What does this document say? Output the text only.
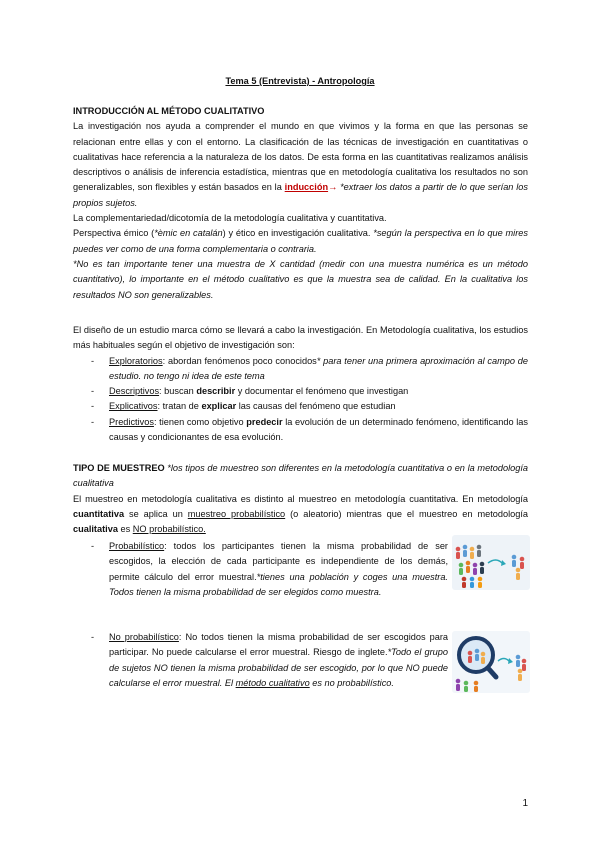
Tema 5 (Entrevista) - Antropología
INTRODUCCIÓN AL MÉTODO CUALITATIVO
La investigación nos ayuda a comprender el mundo en que vivimos y la forma en que las personas se relacionan entre ellas y con el entorno. La clasificación de las técnicas de investigación en cuantitativas o cualitativas hace referencia a la naturaleza de los datos. De esta forma en las cuantitativas realizamos análisis descriptivos o análisis de inferencia estadística, mientras que en metodología cualitativa los resultados no son generalizables, son flexibles y están basados en la inducción→ *extraer los datos a partir de lo que serían los propios sujetos.
La complementariedad/dicotomía de la metodología cualitativa y cuantitativa.
Perspectiva émico (*èmic en catalán) y ético en investigación cualitativa. *según la perspectiva en lo que mires puedes ver como de una forma complementaria o contraria.
*No es tan importante tener una muestra de X cantidad (medir con una muestra numérica es un método cuantitativo), lo importante en el método cualitativo es que la muestra sea de calidad. En la cualitativa los resultados NO son generalizables.
El diseño de un estudio marca cómo se llevará a cabo la investigación. En Metodología cualitativa, los estudios más habituales según el objetivo de investigación son:
- Exploratorios: abordan fenómenos poco conocidos* para tener una primera aproximación al campo de estudio. no tengo ni idea de este tema
- Descriptivos: buscan describir y documentar el fenómeno que investigan
- Explicativos: tratan de explicar las causas del fenómeno que estudian
- Predictivos: tienen como objetivo predecir la evolución de un determinado fenómeno, identificando las causas y condicionantes de esa evolución.
TIPO DE MUESTREO *los tipos de muestreo son diferentes en la metodología cuantitativa o en la metodología cualitativa
El muestreo en metodología cualitativa es distinto al muestreo en metodología cuantitativa. En metodología cuantitativa se aplica un muestreo probabilístico (o aleatorio) mientras que el muestreo en metodología cualitativa es NO probabilístico.
- Probabilístico: todos los participantes tienen la misma probabilidad de ser escogidos, la elección de cada participante es independiente de los demás, permite cálculo del error muestral.*tienes una población y coges una muestra. Todos tienen la misma probabilidad de ser elegidos como muestra.
- No probabilístico: No todos tienen la misma probabilidad de ser escogidos para participar. No puede calcularse el error muestral. Riesgo de inglete.*Todo el grupo de sujetos NO tienen la misma probabilidad de ser escogido, por lo que NO puede calcularse el error muestral. El método cualitativo es no probabilístico.
1
